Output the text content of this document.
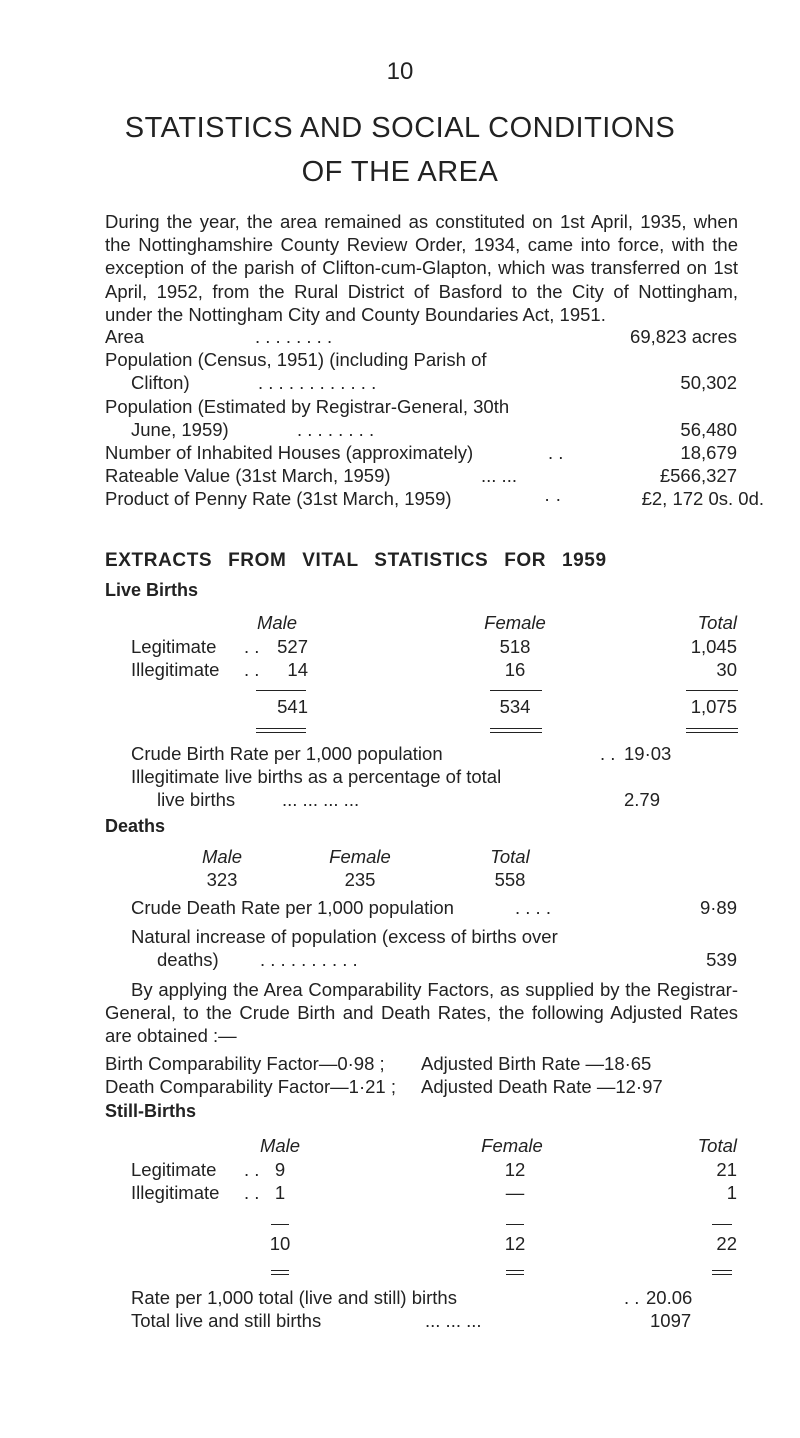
10
STATISTICS AND SOCIAL CONDITIONS
OF THE AREA
During the year, the area remained as constituted on 1st April, 1935, when the Nottinghamshire County Review Order, 1934, came into force, with the exception of the parish of Clifton-cum-Glapton, which was transferred on 1st April, 1952, from the Rural District of Basford to the City of Nottingham, under the Nottingham City and County Boundaries Act, 1951.
Area	. . . . . . . .	69,823 acres
Population (Census, 1951) (including Parish of
Clifton)	. . . . . . . . . . . .	50,302
Population (Estimated by Registrar-General, 30th
June, 1959)	. . . . . . . .	56,480
Number of Inhabited Houses (approximately)	. .	18,679
Rateable Value (31st March, 1959)	... ...	£566,327
Product of Penny Rate (31st March, 1959)	· ·	£2, 172 0s. 0d.
EXTRACTS FROM VITAL STATISTICS FOR 1959
Live Births
Male	Female	Total
Legitimate . . 527	518	1,045
Illegitimate . . 14	16	30
541	534	1,075
Crude Birth Rate per 1,000 population	. . 19·03
Illegitimate live births as a percentage of total
live births	... ... ... ...	2.79
Deaths
Male	Female	Total
323	235	558
Crude Death Rate per 1,000 population	. . . .	9·89
Natural increase of population (excess of births over
deaths) . . . . . . . . . .	539
By applying the Area Comparability Factors, as supplied by the Registrar-General, to the Crude Birth and Death Rates, the following Adjusted Rates are obtained :—
Birth Comparability Factor—0·98 ; Adjusted Birth Rate —18·65
Death Comparability Factor—1·21 ; Adjusted Death Rate —12·97
Still-Births
Male	Female	Total
Legitimate . . 9	12	21
Illegitimate . . 1	—	1
10	12	22
Rate per 1,000 total (live and still) births	. . 20.06
Total live and still births	... ... ...	1097
